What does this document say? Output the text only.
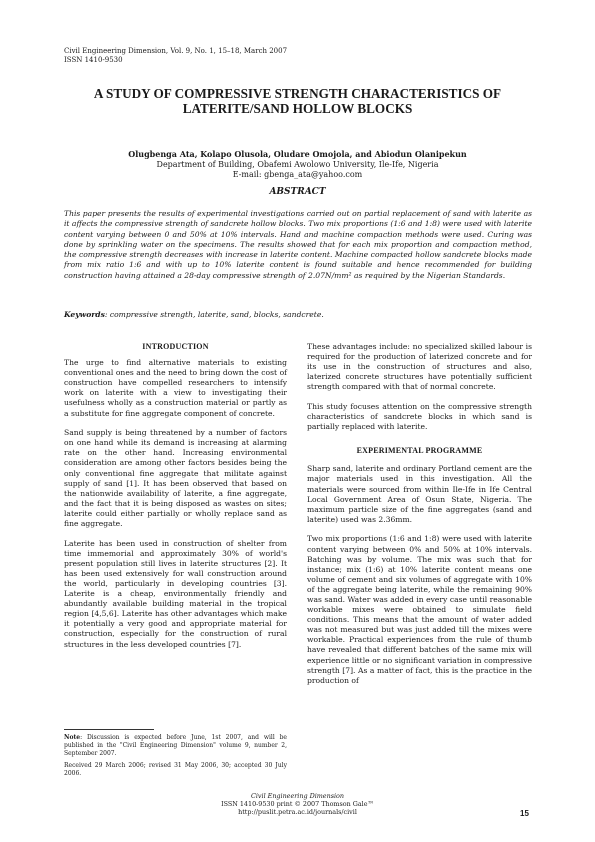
Civil Engineering Dimension, Vol. 9, No. 1, 15–18, March 2007
ISSN 1410-9530
A STUDY OF COMPRESSIVE STRENGTH CHARACTERISTICS OF
LATERITE/SAND HOLLOW BLOCKS
Olugbenga Ata, Kolapo Olusola, Oludare Omojola, and Abiodun Olanipekun
Department of Building, Obafemi Awolowo University, Ile-Ife, Nigeria
E-mail: gbenga_ata@yahoo.com
ABSTRACT
This paper presents the results of experimental investigations carried out on partial replacement of sand with laterite as it affects the compressive strength of sandcrete hollow blocks. Two mix proportions (1:6 and 1:8) were used with laterite content varying between 0 and 50% at 10% intervals. Hand and machine compaction methods were used. Curing was done by sprinkling water on the specimens. The results showed that for each mix proportion and compaction method, the compressive strength decreases with increase in laterite content. Machine compacted hollow sandcrete blocks made from mix ratio 1:6 and with up to 10% laterite content is found suitable and hence recommended for building construction having attained a 28-day compressive strength of 2.07N/mm² as required by the Nigerian Standards.
Keywords: compressive strength, laterite, sand, blocks, sandcrete.
INTRODUCTION

The urge to find alternative materials to existing conventional ones and the need to bring down the cost of construction have compelled researchers to intensify work on laterite with a view to investigating their usefulness wholly as a construction material or partly as a substitute for fine aggregate component of concrete.

Sand supply is being threatened by a number of factors on one hand while its demand is increasing at alarming rate on the other hand. Increasing environmental consideration are among other factors besides being the only conventional fine aggregate that militate against supply of sand [1]. It has been observed that based on the nationwide availability of laterite, a fine aggregate, and the fact that it is being disposed as wastes on sites; laterite could either partially or wholly replace sand as fine aggregate.

Laterite has been used in construction of shelter from time immemorial and approximately 30% of world's present population still lives in laterite structures [2]. It has been used extensively for wall construction around the world, particularly in developing countries [3]. Laterite is a cheap, environmentally friendly and abundantly available building material in the tropical region [4,5,6]. Laterite has other advantages which make it potentially a very good and appropriate material for construction, especially for the construction of rural structures in the less developed countries [7].

These advantages include: no specialized skilled labour is required for the production of laterized concrete and for its use in the construction of structures and also, laterized concrete structures have potentially sufficient strength compared with that of normal concrete.

This study focuses attention on the compressive strength characteristics of sandcrete blocks in which sand is partially replaced with laterite.

EXPERIMENTAL PROGRAMME

Sharp sand, laterite and ordinary Portland cement are the major materials used in this investigation. All the materials were sourced from within Ile-Ife in Ife Central Local Government Area of Osun State, Nigeria. The maximum particle size of the fine aggregates (sand and laterite) used was 2.36mm.

Two mix proportions (1:6 and 1:8) were used with laterite content varying between 0% and 50% at 10% intervals. Batching was by volume. The mix was such that for instance; mix (1:6) at 10% laterite content means one volume of cement and six volumes of aggregate with 10% of the aggregate being laterite, while the remaining 90% was sand. Water was added in every case until reasonable workable mixes were obtained to simulate field conditions. This means that the amount of water added was not measured but was just added till the mixes were workable. Practical experiences from the rule of thumb have revealed that different batches of the same mix will experience little or no significant variation in compressive strength [7]. As a matter of fact, this is the practice in the production of

Note: Discussion is expected before June, 1st 2007, and will be published in the "Civil Engineering Dimension" volume 9, number 2, September 2007.

Received 29 March 2006; revised 31 May 2006, 30; accepted 30 July 2006.

Civil Engineering Dimension
ISSN 1410-9530 print © 2007 Thomson Gale™
http://puslit.petra.ac.id/journals/civil	15
